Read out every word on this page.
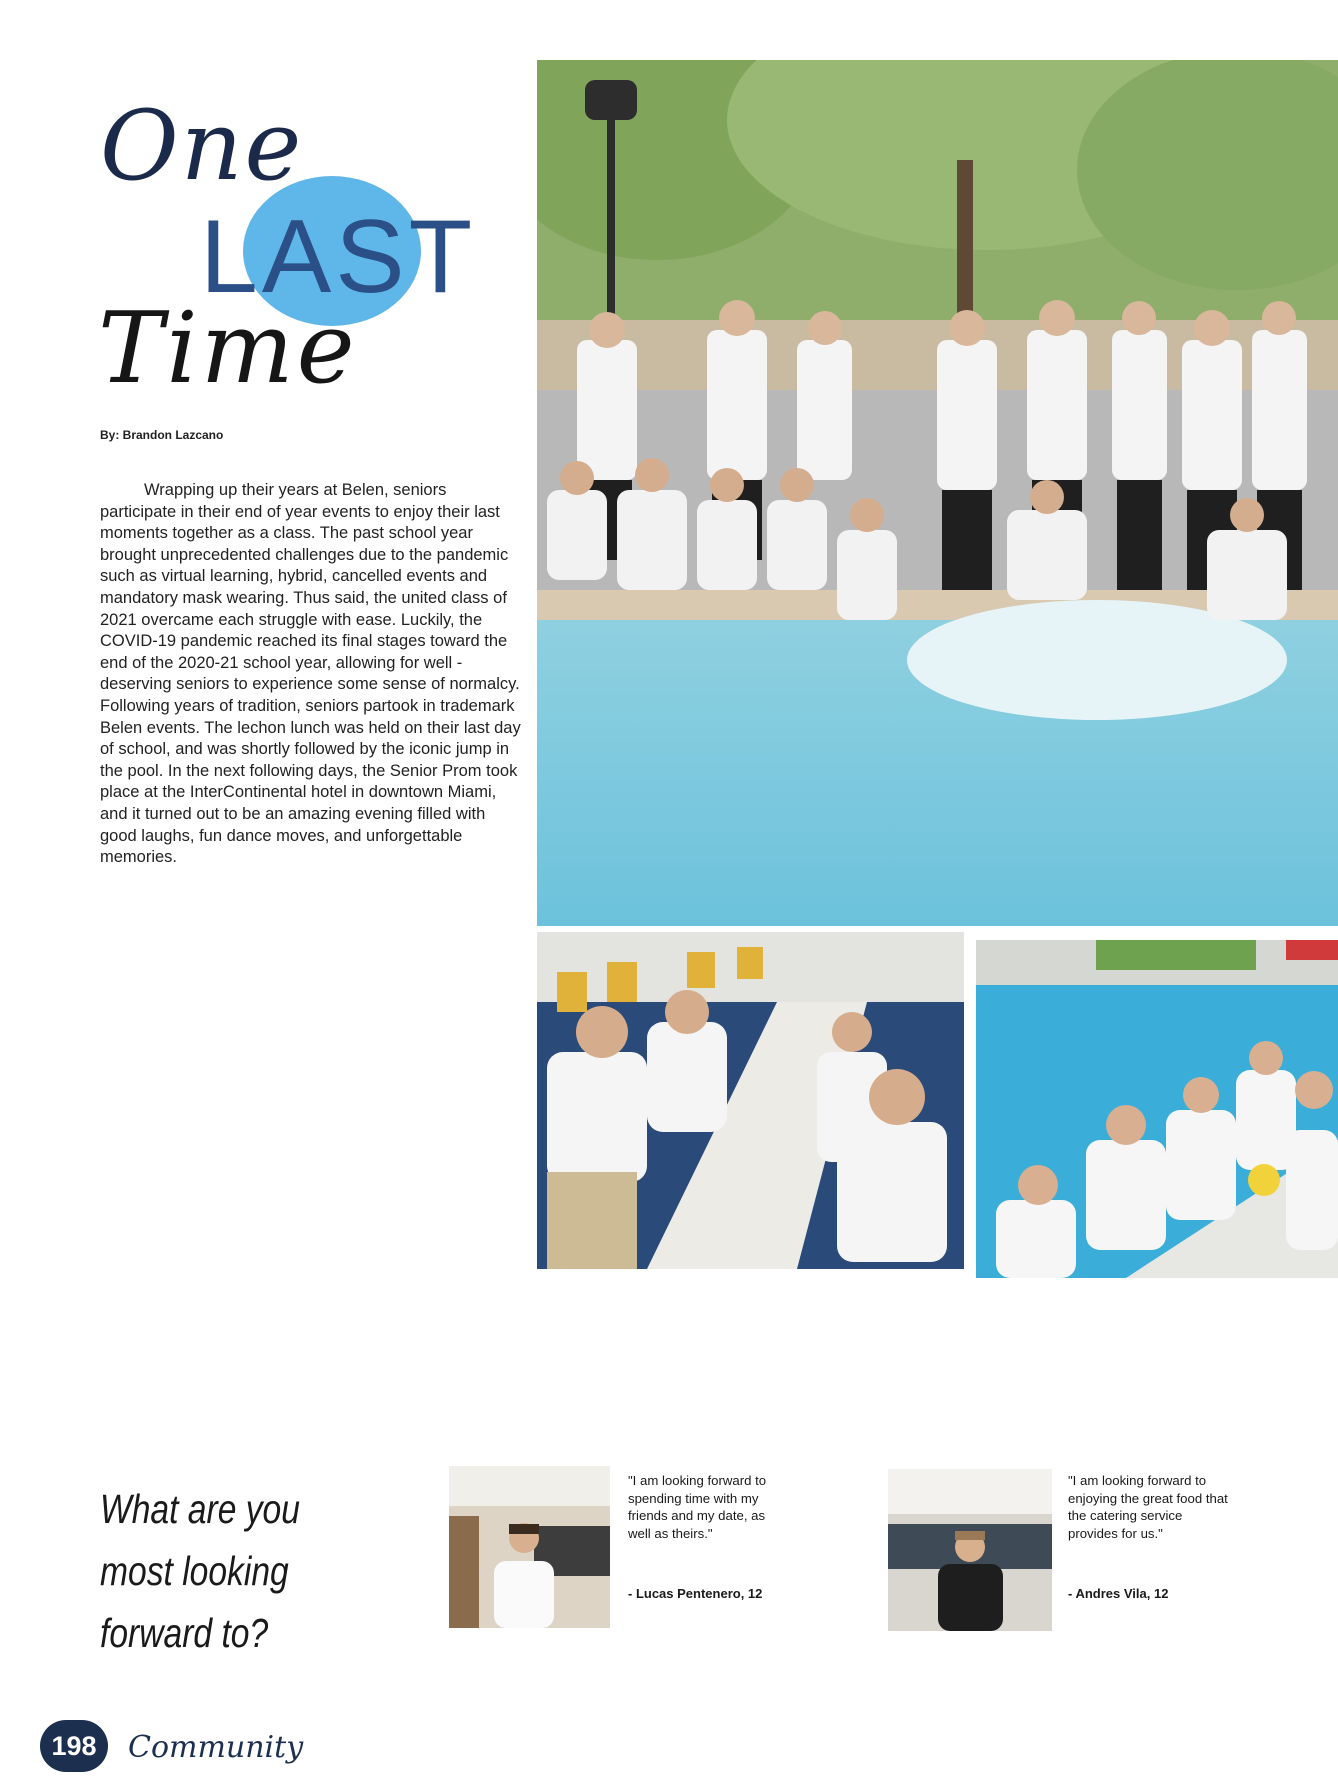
One
LAST
Time
By: Brandon Lazcano
Wrapping up their years at Belen, seniors participate in their end of year events to enjoy their last moments together as a class. The past school year brought unprecedented challenges due to the pandemic such as virtual learning, hybrid, cancelled events and mandatory mask wearing. Thus said, the united class of 2021 overcame each struggle with ease. Luckily, the COVID-19 pandemic reached its final stages toward the end of the 2020-21 school year, allowing for well - deserving seniors to experience some sense of normalcy. Following years of tradition, seniors partook in trademark Belen events. The lechon lunch was held on their last day of school, and was shortly followed by the iconic jump in the pool. In the next following days, the Senior Prom took place at the InterContinental hotel in downtown Miami, and it turned out to be an amazing evening filled with good laughs, fun dance moves, and unforgettable memories.
What are you most looking forward to?
"I am looking forward to spending time with my friends and my date, as well as theirs."
- Lucas Pentenero, 12
"I am looking forward to enjoying the great food that the catering service provides for us."
- Andres Vila, 12
198	Community
